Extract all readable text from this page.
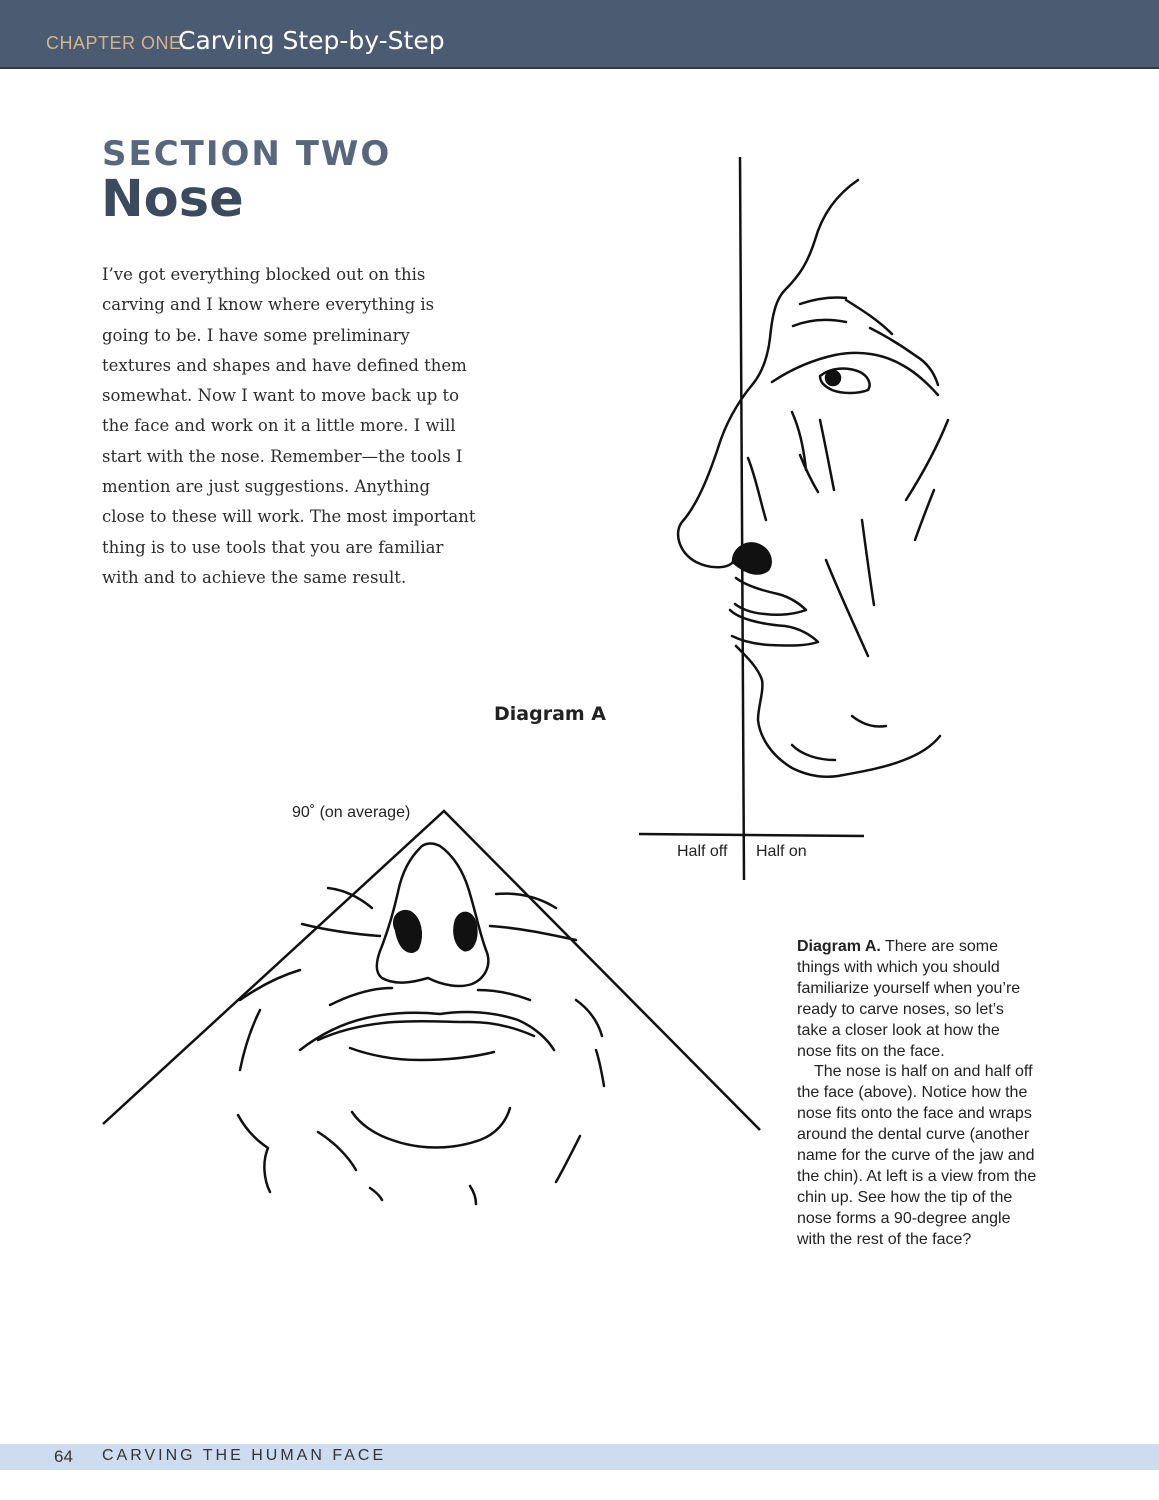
CHAPTER ONE:
Carving Step-by-Step
SECTION TWO
Nose

I’ve got everything blocked out on this carving and I know where everything is going to be. I have some preliminary textures and shapes and have defined them somewhat. Now I want to move back up to the face and work on it a little more. I will start with the nose. Remember—the tools I mention are just suggestions. Anything close to these will work. The most important thing is to use tools that you are familiar with and to achieve the same result.

Diagram A
90˚ (on average)
Half off Half on

Diagram A. There are some things with which you should familiarize yourself when you’re ready to carve noses, so let’s take a closer look at how the nose fits on the face.

The nose is half on and half off the face (above). Notice how the nose fits onto the face and wraps around the dental curve (another name for the curve of the jaw and the chin). At left is a view from the chin up. See how the tip of the nose forms a 90-degree angle with the rest of the face?

64 CARVING THE HUMAN FACE
